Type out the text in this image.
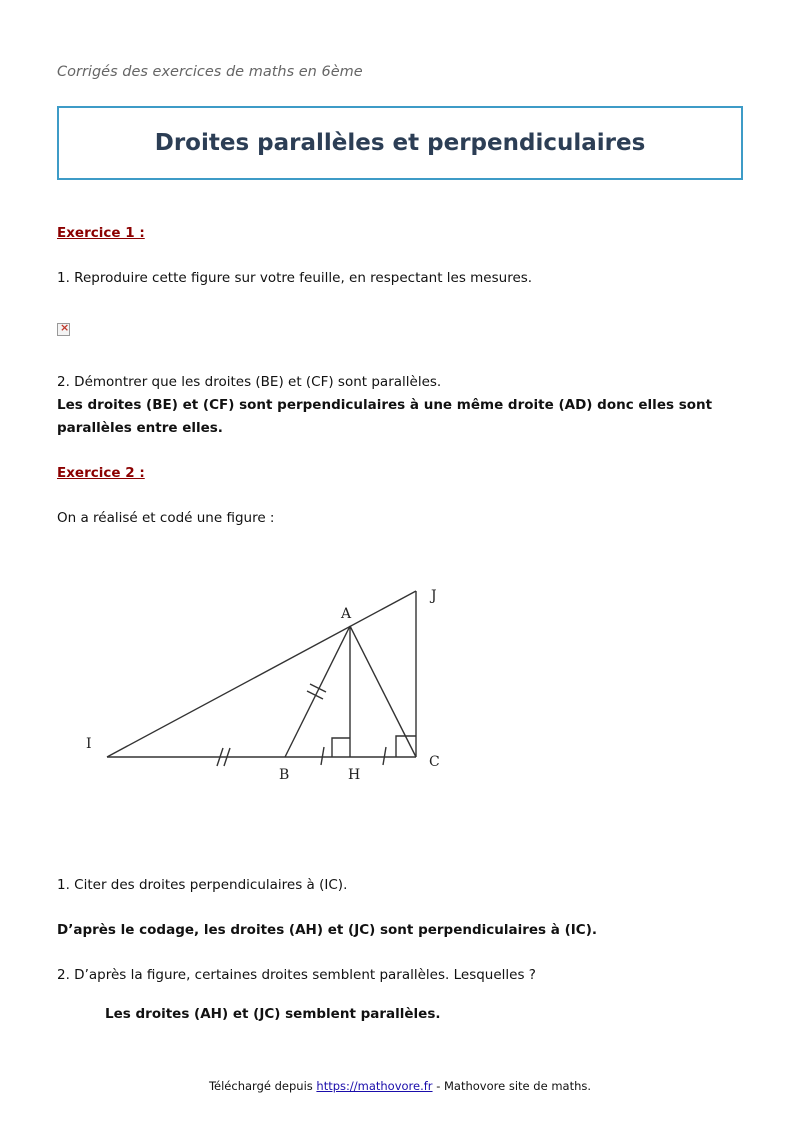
Corrigés des exercices de maths en 6ème
Droites parallèles et perpendiculaires
Exercice 1 :
1. Reproduire cette figure sur votre feuille, en respectant les mesures.
×
2. Démontrer que les droites (BE) et (CF) sont parallèles.
Les droites (BE) et (CF) sont perpendiculaires à une même droite (AD) donc elles sont
parallèles entre elles.
Exercice 2 :
On a réalisé et codé une figure :
A
J
I
B	H
C
1. Citer des droites perpendiculaires à (IC).
D’après le codage, les droites (AH) et (JC) sont perpendiculaires à (IC).
2. D’après la figure, certaines droites semblent parallèles. Lesquelles ?
Les droites (AH) et (JC) semblent parallèles.
Téléchargé depuis https://mathovore.fr - Mathovore site de maths.
